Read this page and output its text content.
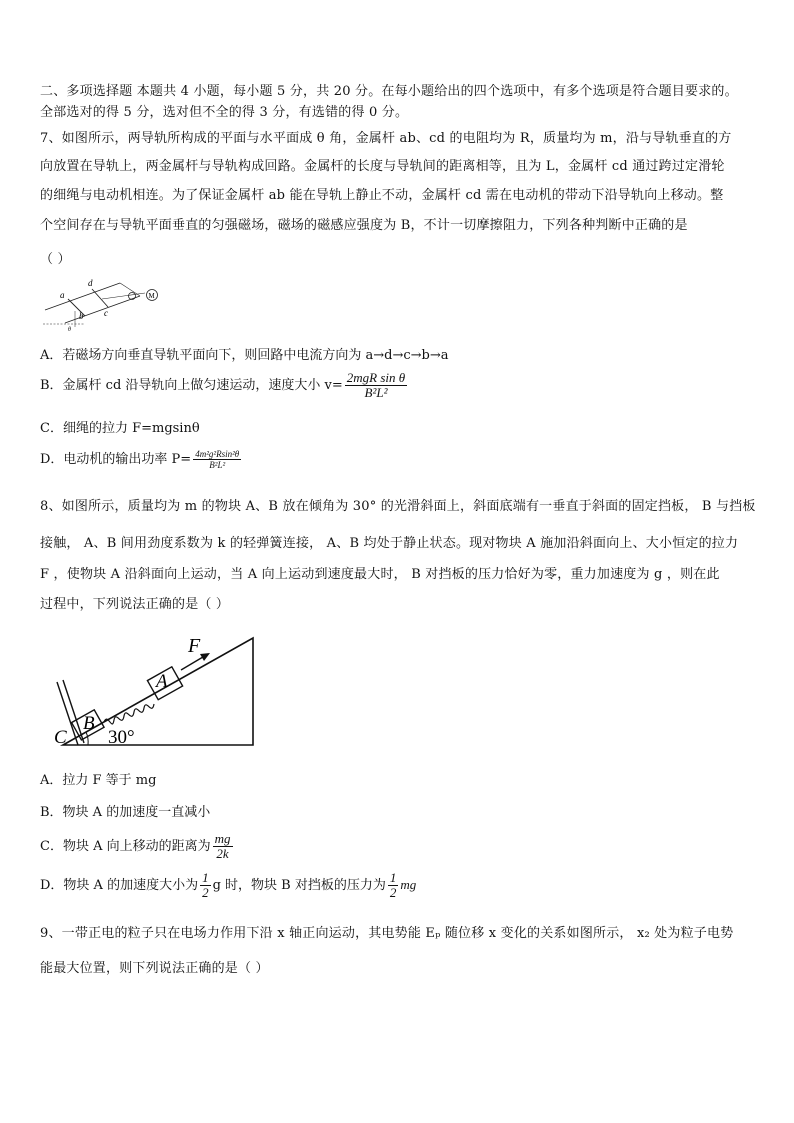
二、多项选择题 本题共 4 小题，每小题 5 分，共 20 分。在每小题给出的四个选项中，有多个选项是符合题目要求的。
全部选对的得 5 分，选对但不全的得 3 分，有选错的得 0 分。
7、如图所示，两导轨所构成的平面与水平面成 θ 角，金属杆 ab、cd 的电阻均为 R，质量均为 m，沿与导轨垂直的方
向放置在导轨上，两金属杆与导轨构成回路。金属杆的长度与导轨间的距离相等，且为 L，金属杆 cd 通过跨过定滑轮
的细绳与电动机相连。为了保证金属杆 ab 能在导轨上静止不动，金属杆 cd 需在电动机的带动下沿导轨向上移动。整
个空间存在与导轨平面垂直的匀强磁场，磁场的磁感应强度为 B，不计一切摩擦阻力，下列各种判断中正确的是
（ ）
a
d
b c
M
θ
A．若磁场方向垂直导轨平面向下，则回路中电流方向为 a→d→c→b→a
B．金属杆 cd 沿导轨向上做匀速运动，速度大小 $v= \frac{\text{2mgR sin θ}}{\text{B²L²}}$
C．细绳的拉力 F=mgsinθ
D．电动机的输出功率 $P= \frac{\text{4m²g²Rsin²θ}}{\text{B²L²}}$
8、如图所示，质量均为 m 的物块 A、B 放在倾角为 30° 的光滑斜面上，斜面底端有一垂直于斜面的固定挡板， B 与挡板
接触， A、B 间用劲度系数为 k 的轻弹簧连接， A、B 均处于静止状态。现对物块 A 施加沿斜面向上、大小恒定的拉力
F ，使物块 A 沿斜面向上运动，当 A 向上运动到速度最大时， B 对挡板的压力恰好为零，重力加速度为 g ，则在此
过程中，下列说法正确的是（ ）
F
A
B
C 30°
A．拉力 F 等于 mg
B．物块 A 的加速度一直减小
C．物块 A 向上移动的距离为 $\frac{mg}{2k}$
D．物块 A 的加速度大小为 $\frac{1}{2}$ g 时，物块 B 对挡板的压力为 $\frac{1}{2}$ mg
9、一带正电的粒子只在电场力作用下沿 x 轴正向运动，其电势能 Eₚ 随位移 x 变化的关系如图所示， x₂ 处为粒子电势
能最大位置，则下列说法正确的是（ ）
